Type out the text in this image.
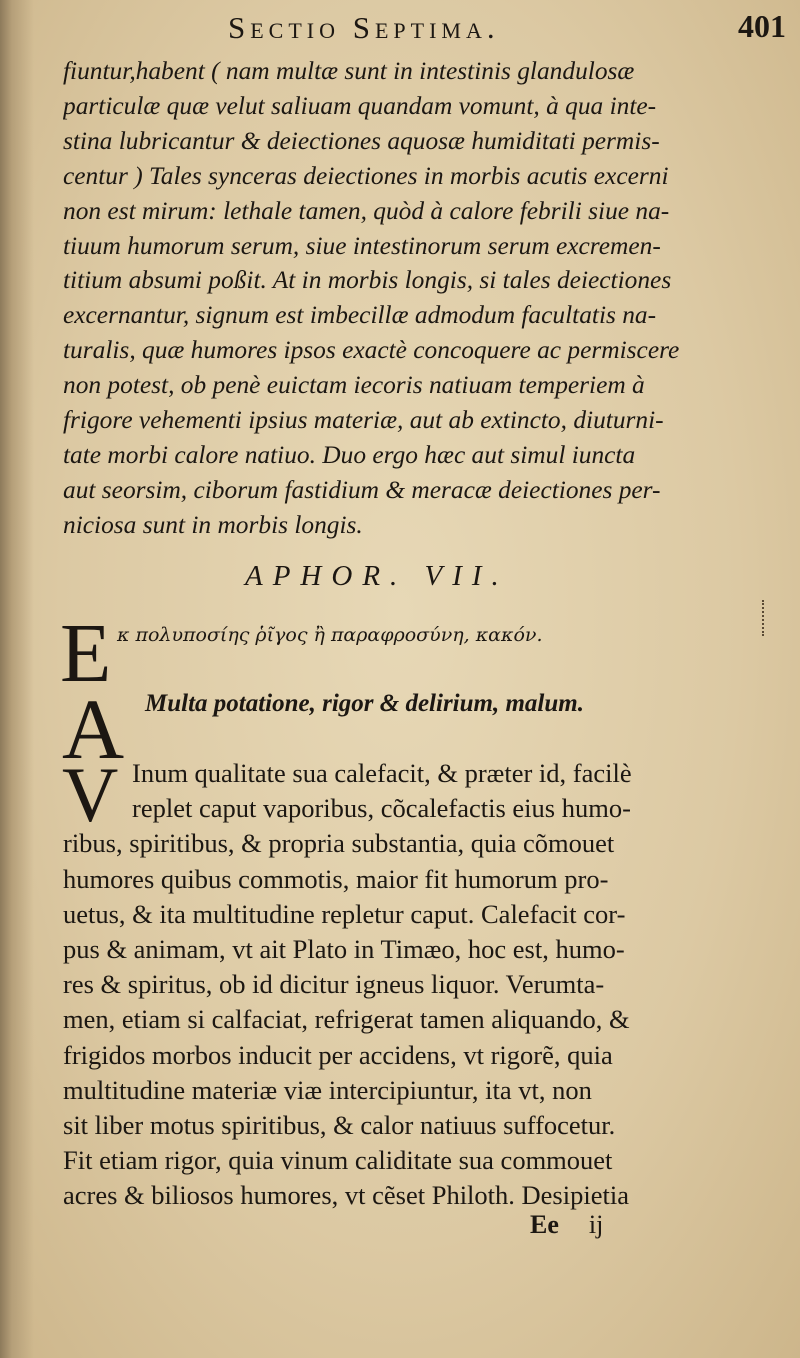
Sectio Septima.	401
fiuntur,habent ( nam multæ sunt in intestinis glandulosæ
particulæ quæ velut saliuam quandam vomunt, à qua inte-
stina lubricantur & deiectiones aquosæ humiditati permis-
centur ) Tales synceras deiectiones in morbis acutis excerni
non est mirum: lethale tamen, quòd à calore febrili siue na-
tiuum humorum serum, siue intestinorum serum excremen-
titium absumi poßit. At in morbis longis, si tales deiectiones
excernantur, signum est imbecillæ admodum facultatis na-
turalis, quæ humores ipsos exactè concoquere ac permiscere
non potest, ob penè euictam iecoris natiuam temperiem à
frigore vehementi ipsius materiæ, aut ab extincto, diuturni-
tate morbi calore natiuo. Duo ergo hæc aut simul iuncta
aut seorsim, ciborum fastidium & meracæ deiectiones per-
niciosa sunt in morbis longis.
APHOR. VII.
E κ πολυποσίης ῥῖγος ἢ παραφροσύνη, κακόν.
A Multa potatione, rigor & delirium, malum.
V Inum qualitate sua calefacit, & præter id, facilè
replet caput vaporibus, cõcalefactis eius humo-
ribus, spiritibus, & propria substantia, quia cõmouet
humores quibus commotis, maior fit humorum pro-
uetus, & ita multitudine repletur caput. Calefacit cor-
pus & animam, vt ait Plato in Timæo, hoc est, humo-
res & spiritus, ob id dicitur igneus liquor. Verumta-
men, etiam si calfaciat, refrigerat tamen aliquando, &
frigidos morbos inducit per accidens, vt rigorẽ, quia
multitudine materiæ viæ intercipiuntur, ita vt, non
sit liber motus spiritibus, & calor natiuus suffocetur.
Fit etiam rigor, quia vinum caliditate sua commouet
acres & biliosos humores, vt cẽset Philoth. Desipietia
Ee ij
